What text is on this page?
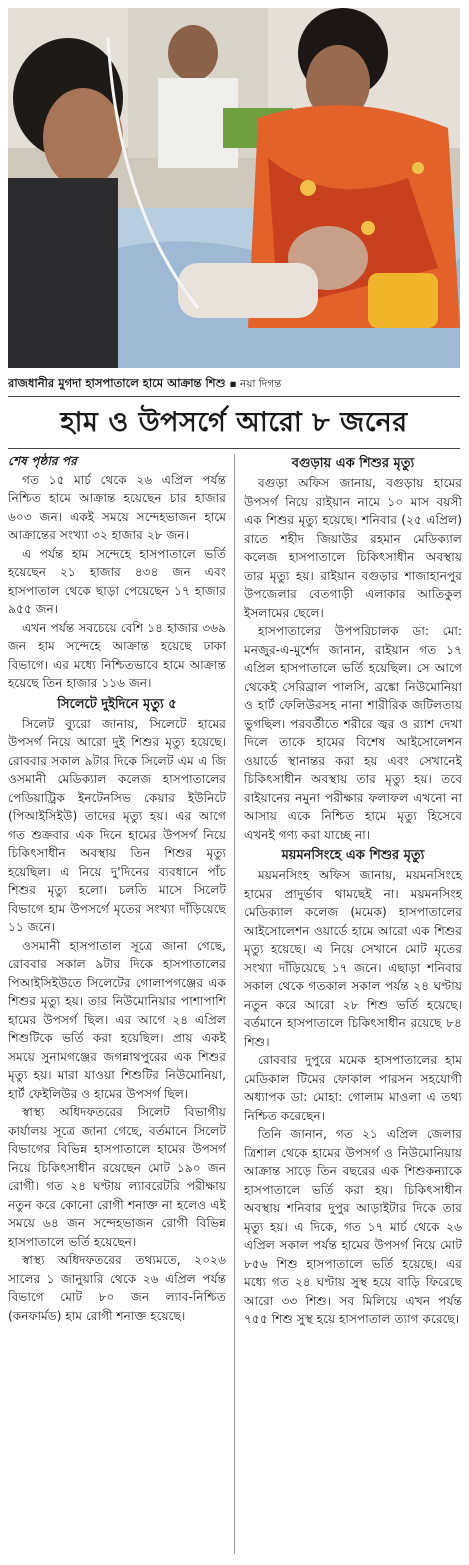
রাজধানীর মুগদা হাসপাতালে হামে আক্রান্ত শিশু ▪ নয়া দিগন্ত
হাম ও উপসর্গে আরো ৮ জনের

শেষ পৃষ্ঠার পর

গত ১৫ মার্চ থেকে ২৬ এপ্রিল পর্যন্ত নিশ্চিত হামে আক্রান্ত হয়েছেন চার হাজার ৬০৩ জন। একই সময়ে সন্দেহভাজন হামে আক্রান্তের সংখ্যা ৩২ হাজার ২৮ জন।

এ পর্যন্ত হাম সন্দেহে হাসপাতালে ভর্তি হয়েছেন ২১ হাজার ৪৩৪ জন এবং হাসপাতাল থেকে ছাড়া পেয়েছেন ১৭ হাজার ৯৫৫ জন।

এখন পর্যন্ত সবচেয়ে বেশি ১৪ হাজার ৩৬৯ জন হাম সন্দেহে আক্রান্ত হয়েছে ঢাকা বিভাগে। এর মধ্যে নিশ্চিতভাবে হামে আক্রান্ত হয়েছে তিন হাজার ১১৬ জন।

সিলেটে দুইদিনে মৃত্যু ৫

সিলেট ব্যুরো জানায়, সিলেটে হামের উপসর্গ নিয়ে আরো দুই শিশুর মৃত্যু হয়েছে। রোববার সকাল ৯টার দিকে সিলেট এম এ জি ওসমানী মেডিক্যাল কলেজ হাসপাতালের পেডিয়াট্রিক ইনটেনসিভ কেয়ার ইউনিটে (পিআইসিইউ) তাদের মৃত্যু হয়। এর আগে গত শুক্রবার এক দিনে হামের উপসর্গ নিয়ে চিকিৎসাধীন অবস্থায় তিন শিশুর মৃত্যু হয়েছিল। এ নিয়ে দু'দিনের ব্যবধানে পাঁচ শিশুর মৃত্যু হলো। চলতি মাসে সিলেট বিভাগে হাম উপসর্গে মৃতের সংখ্যা দাঁড়িয়েছে ১১ জনে।

ওসমানী হাসপাতাল সূত্রে জানা গেছে, রোববার সকাল ৯টার দিকে হাসপাতালের পিআইসিইউতে সিলেটের গোলাপগঞ্জের এক শিশুর মৃত্যু হয়। তার নিউমোনিয়ার পাশাপাশি হামের উপসর্গ ছিল। এর আগে ২৪ এপ্রিল শিশুটিকে ভর্তি করা হয়েছিল। প্রায় একই সময়ে সুনামগঞ্জের জগন্নাথপুরের এক শিশুর মৃত্যু হয়। মারা যাওয়া শিশুটির নিউমোনিয়া, হার্ট ফেইলিউর ও হামের উপসর্গ ছিল।

স্বাস্থ্য অধিদফতরের সিলেট বিভাগীয় কার্যালয় সূত্রে জানা গেছে, বর্তমানে সিলেট বিভাগের বিভিন্ন হাসপাতালে হামের উপসর্গ নিয়ে চিকিৎসাধীন রয়েছেন মোট ১৯০ জন রোগী। গত ২৪ ঘণ্টায় ল্যাবরেটরি পরীক্ষায় নতুন করে কোনো রোগী শনাক্ত না হলেও এই সময়ে ৬৪ জন সন্দেহভাজন রোগী বিভিন্ন হাসপাতালে ভর্তি হয়েছেন।

স্বাস্থ্য অধিদফতরের তথ্যমতে, ২০২৬ সালের ১ জানুয়ারি থেকে ২৬ এপ্রিল পর্যন্ত বিভাগে মোট ৮০ জন ল্যাব-নিশ্চিত (কনফার্মড) হাম রোগী শনাক্ত হয়েছে।

বগুড়ায় এক শিশুর মৃত্যু

বগুড়া অফিস জানায়, বগুড়ায় হামের উপসর্গ নিয়ে রাইয়ান নামে ১০ মাস বয়সী এক শিশুর মৃত্যু হয়েছে। শনিবার (২৫ এপ্রিল) রাতে শহীদ জিয়াউর রহমান মেডিক্যাল কলেজ হাসপাতালে চিকিৎসাধীন অবস্থায় তার মৃত্যু হয়। রাইয়ান বগুড়ার শাজাহানপুর উপজেলার বেতগাড়ী এলাকার আতিকুল ইসলামের ছেলে।

হাসপাতালের উপপরিচালক ডা: মো: মনজুর-এ-মুর্শেদ জানান, রাইয়ান গত ১৭ এপ্রিল হাসপাতালে ভর্তি হয়েছিল। সে আগে থেকেই সেরিব্রাল পালসি, ব্রঙ্কো নিউমোনিয়া ও হার্ট ফেলিউরসহ নানা শারীরিক জটিলতায় ভুগছিল। পরবর্তীতে শরীরে জ্বর ও র‍্যাশ দেখা দিলে তাকে হামের বিশেষ আইসোলেশন ওয়ার্ডে স্থানান্তর করা হয় এবং সেখানেই চিকিৎসাধীন অবস্থায় তার মৃত্যু হয়। তবে রাইয়ানের নমুনা পরীক্ষার ফলাফল এখনো না আসায় একে নিশ্চিত হামে মৃত্যু হিসেবে এখনই গণ্য করা যাচ্ছে না।

ময়মনসিংহে এক শিশুর মৃত্যু

ময়মনসিংহ অফিস জানায়, ময়মনসিংহে হামের প্রাদুর্ভাব থামছেই না। ময়মনসিংহ মেডিক্যাল কলেজ (মমেক) হাসপাতালের আইসোলেশন ওয়ার্ডে হামে আরো এক শিশুর মৃত্যু হয়েছে। এ নিয়ে সেখানে মোট মৃতের সংখ্যা দাঁড়িয়েছে ১৭ জনে। এছাড়া শনিবার সকাল থেকে গতকাল সকাল পর্যন্ত ২৪ ঘণ্টায় নতুন করে আরো ২৮ শিশু ভর্তি হয়েছে। বর্তমানে হাসপাতালে চিকিৎসাধীন রয়েছে ৮৪ শিশু।

রোববার দুপুরে মমেক হাসপাতালের হাম মেডিকাল টিমের ফোকাল পারসন সহযোগী অধ্যাপক ডা: মোহা: গোলাম মাওলা এ তথ্য নিশ্চিত করেছেন।

তিনি জানান, গত ২১ এপ্রিল জেলার ত্রিশাল থেকে হামের উপসর্গ ও নিউমোনিয়ায় আক্রান্ত সাড়ে তিন বছরের এক শিশুকন্যাকে হাসপাতালে ভর্তি করা হয়। চিকিৎসাধীন অবস্থায় শনিবার দুপুর আড়াইটার দিকে তার মৃত্যু হয়। এ দিকে, গত ১৭ মার্চ থেকে ২৬ এপ্রিল সকাল পর্যন্ত হামের উপসর্গ নিয়ে মোট ৮৫৬ শিশু হাসপাতালে ভর্তি হয়েছে। এর মধ্যে গত ২৪ ঘণ্টায় সুস্থ হয়ে বাড়ি ফিরেছে আরো ৩৩ শিশু। সব মিলিয়ে এখন পর্যন্ত ৭৫৫ শিশু সুস্থ হয়ে হাসপাতাল ত্যাগ করেছে।
